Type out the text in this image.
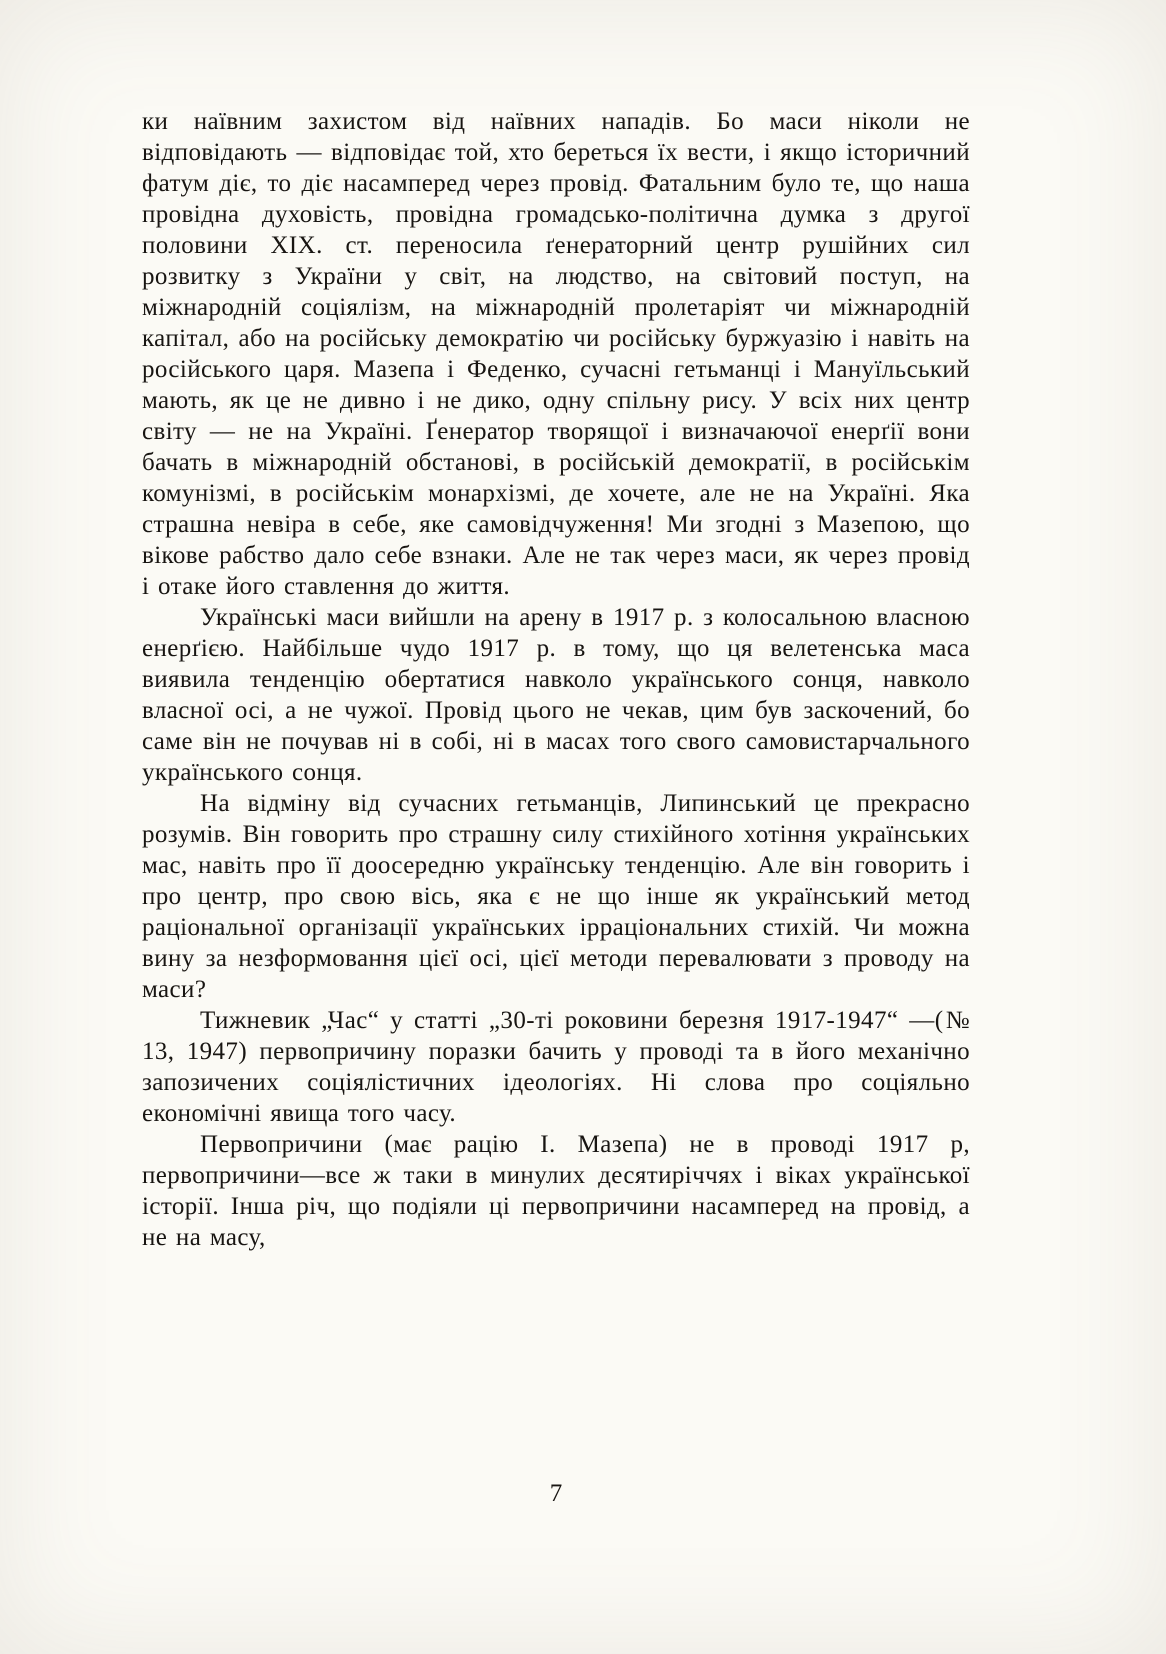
ки наївним захистом від наївних нападів. Бо маси ніколи не відповідають — відповідає той, хто береться їх вести, і якщо історичний фатум діє, то діє насамперед через провід. Фатальним було те, що наша провідна духовість, провідна громадсько-політична думка з другої половини XIX. ст. переносила ґенераторний центр рушійних сил розвитку з України у світ, на людство, на світовий поступ, на міжнародній соціялізм, на міжнародній пролетаріят чи міжнародній капітал, або на російську демократію чи російську буржуазію і навіть на російського царя. Мазепа і Феденко, сучасні гетьманці і Мануїльський мають, як це не дивно і не дико, одну спільну рису. У всіх них центр світу — не на Україні. Ґенератор творящої і визначаючої енерґії вони бачать в міжнародній обстанові, в російській демократії, в російськім комунізмі, в російськім монархізмі, де хочете, але не на Україні. Яка страшна невіра в себе, яке самовідчуження! Ми згодні з Мазепою, що вікове рабство дало себе взнаки. Але не так через маси, як через провід і отаке його ставлення до життя.

Українські маси вийшли на арену в 1917 р. з колосальною власною енерґією. Найбільше чудо 1917 р. в тому, що ця велетенська маса виявила тенденцію обертатися навколо українського сонця, навколо власної осі, а не чужої. Провід цього не чекав, цим був заскочений, бо саме він не почував ні в собі, ні в масах того свого самовистарчального українського сонця.

На відміну від сучасних гетьманців, Липинський це прекрасно розумів. Він говорить про страшну силу стихійного хотіння українських мас, навіть про її доосередню українську тенденцію. Але він говорить і про центр, про свою вісь, яка є не що інше як український метод раціональної організації українських ірраціональних стихій. Чи можна вину за незформовання цієї осі, цієї методи перевалювати з проводу на маси?

Тижневик „Час“ у статті „30-ті роковини березня 1917-1947“ —(№ 13, 1947) первопричину поразки бачить у проводі та в його механічно запозичених соціялістичних ідеологіях. Ні слова про соціяльно економічні явища того часу.

Первопричини (має рацію І. Мазепа) не в проводі 1917 р, первопричини—все ж таки в минулих десятиріччях і віках української історії. Інша річ, що подіяли ці первопричини насамперед на провід, а не на масу,

7
